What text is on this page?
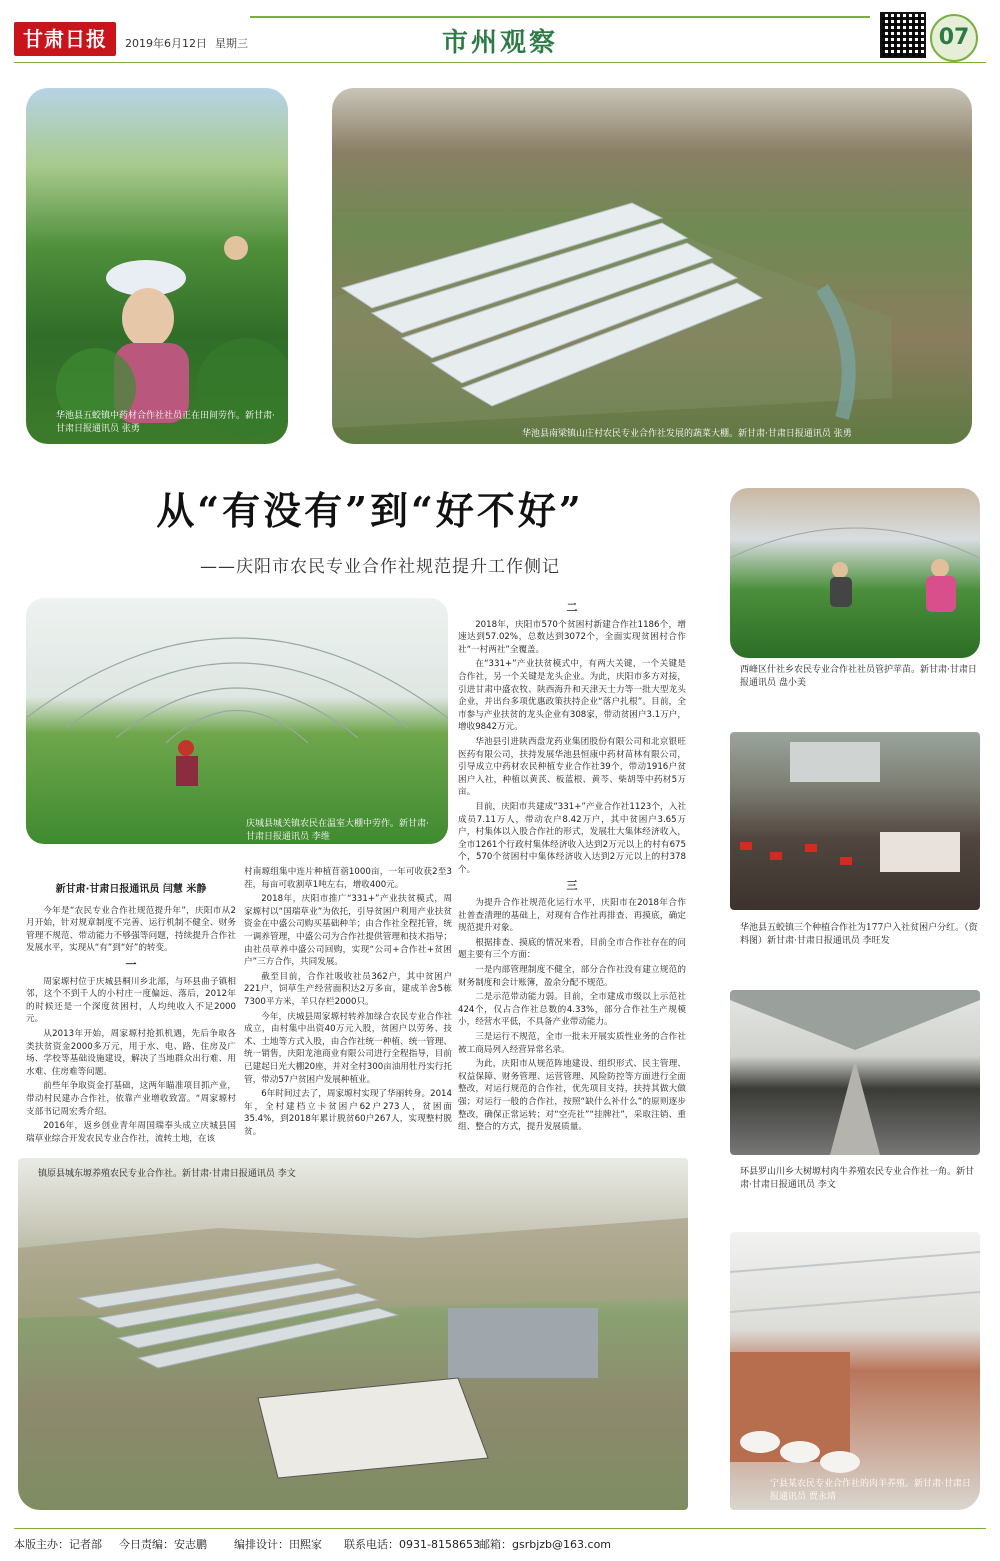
甘肃日报	2019年6月12日 星期三	市州观察	07
华池县五蛟镇中药材合作社社员正在田间劳作。新甘肃·甘肃日报通讯员 张勇	华池县南梁镇山庄村农民专业合作社发展的蔬菜大棚。新甘肃·甘肃日报通讯员 张勇
从“有没有”到“好不好”
——庆阳市农民专业合作社规范提升工作侧记
庆城县城关镇农民在温室大棚中劳作。新甘肃·甘肃日报通讯员 李维
新甘肃·甘肃日报通讯员 闫慧 米静

今年是“农民专业合作社规范提升年”，庆阳市从2月开始，针对规章制度不完善、运行机制不健全、财务管理不规范、带动能力不够强等问题，持续提升合作社发展水平，实现从“有”到“好”的转变。

一

周家塬村位于庆城县桐川乡北部，与环县曲子镇相邻，这个不到千人的小村庄一度偏远、落后，2012年的时候还是一个深度贫困村，人均纯收入不足2000元。

从2013年开始，周家塬村抢抓机遇，先后争取各类扶贫资金2000多万元，用于水、电、路、住房及广场、学校等基础设施建设，解决了当地群众出行难、用水难、住房难等问题。

前些年争取资金打基础，这两年瞄准项目抓产业，带动村民建办合作社，依靠产业增收致富。“周家塬村支部书记周宏秀介绍。

2016年，返乡创业青年周国瑞奉头成立庆城县国瑞草业综合开发农民专业合作社，流转土地，在该

村南塬组集中连片种植苜蓿1000亩，一年可收获2至3茬，每亩可收割草1吨左右，增收400元。

2018年，庆阳市推广“331+”产业扶贫模式，周家塬村以“国瑞草业”为依托，引导贫困户利用产业扶贫资金在中盛公司购买基础种羊；由合作社全程托管，统一调养管理，中盛公司为合作社提供管理和技术指导；由社员草养中盛公司回购，实现“公司+合作社+贫困户”三方合作，共同发展。

截至目前，合作社吸收社员362户，其中贫困户221户，饲草生产经营面积达2万多亩，建成羊舍5栋7300平方米，羊只存栏2000只。

今年，庆城县周家塬村转养加绿合农民专业合作社成立，由村集中出资40万元入股，贫困户以劳务、技术、土地等方式入股，由合作社统一种植、统一管理、统一销售，庆阳龙池商业有限公司进行全程指导，目前已建起日光大棚20座，并对全村300亩油用牡丹实行托管，带动57户贫困户发展种植业。

6年时间过去了，周家塬村实现了华丽转身。2014年，全村建档立卡贫困户62户273人，贫困面35.4%，到2018年累计脱贫60户267人，实现整村脱贫。

二

2018年，庆阳市570个贫困村新建合作社1186个，增速达到57.02%，总数达到3072个，全面实现贫困村合作社“一村两社”全覆盖。

在“331+”产业扶贫模式中，有两大关键，一个关键是合作社，另一个关键是龙头企业。为此，庆阳市多方对接，引进甘肃中盛农牧、陕西海升和天津天士力等一批大型龙头企业，并出台多项优惠政策扶持企业“落户扎根”。目前，全市参与产业扶贫的龙头企业有308家，带动贫困户3.1万户，增收9842万元。

华池县引进陕西盘龙药业集团股份有限公司和北京银旺医药有限公司，扶持发展华池县恒康中药材苗林有限公司，引导成立中药材农民种植专业合作社39个，带动1916户贫困户入社，种植以黄芪、板蓝根、黄芩、柴胡等中药材5万亩。

目前，庆阳市共建成“331+”产业合作社1123个，入社成员7.11万人，带动农户8.42万户，其中贫困户3.65万户，村集体以入股合作社的形式，发展壮大集体经济收入，全市1261个行政村集体经济收入达到2万元以上的村有675个，570个贫困村中集体经济收入达到2万元以上的村378个。

三

为提升合作社规范化运行水平，庆阳市在2018年合作社普查清理的基础上，对现有合作社再排查、再摸底，确定规范提升对象。

根据排查、摸底的情况来看，目前全市合作社存在的问题主要有三个方面：

一是内部管理制度不健全，部分合作社没有建立规范的财务制度和会计账簿，盈余分配不规范。

二是示范带动能力弱。目前，全市建成市级以上示范社424个，仅占合作社总数的4.33%，部分合作社生产规模小，经营水平低，不具备产业带动能力。

三是运行不规范，全市一批未开展实质性业务的合作社被工商局列入经营异常名录。

为此，庆阳市从规范阵地建设、组织形式、民主管理、权益保障、财务管理、运营管理、风险防控等方面进行全面整改，对运行规范的合作社，优先项目支持，扶持其做大做强；对运行一般的合作社，按照“缺什么补什么”的原则逐步整改，确保正常运转；对“空壳社”“挂牌社”，采取注销、重组、整合的方式，提升发展质量。

西峰区什社乡农民专业合作社社员管护苹苗。新甘肃·甘肃日报通讯员 盘小美
华池县五蛟镇三个种植合作社为177户入社贫困户分红。（资料图）新甘肃·甘肃日报通讯员 李旺发
环县罗山川乡大树塬村肉牛养殖农民专业合作社一角。新甘肃·甘肃日报通讯员 李文
宁县某农民专业合作社的肉羊养殖。新甘肃·甘肃日报通讯员 贾永靖
镇原县城东塬养殖农民专业合作社。新甘肃·甘肃日报通讯员 李文
本版主办：记者部 今日责编：安志鹏 编排设计：田熙家 联系电话：0931-8158653 邮箱：gsrbjzb@163.com
